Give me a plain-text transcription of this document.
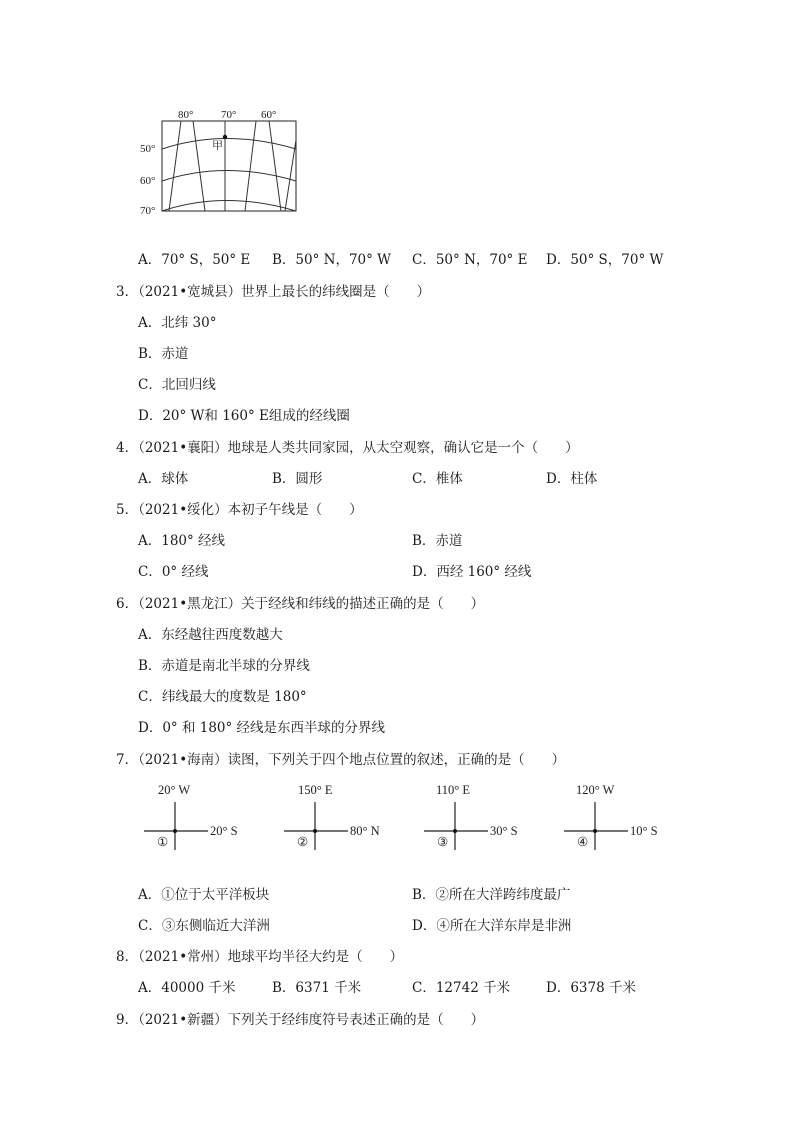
80°	70° 60°
50°
60°
70°
甲
A．70° S，50° E B．50° N，70° W C．50° N，70° E D．50° S，70° W
3．（2021•宽城县）世界上最长的纬线圈是（　　）
A．北纬 30°
B．赤道
C．北回归线
D．20° W和 160° E组成的经线圈
4．（2021•襄阳）地球是人类共同家园，从太空观察，确认它是一个（　　）
A．球体	B．圆形	C．椎体	D．柱体
5．（2021•绥化）本初子午线是（　　）
A．180° 经线	B．赤道
C．0° 经线	D．西经 160° 经线
6．（2021•黑龙江）关于经线和纬线的描述正确的是（　　）
A．东经越往西度数越大
B．赤道是南北半球的分界线
C．纬线最大的度数是 180°
D．0° 和 180° 经线是东西半球的分界线
7．（2021•海南）读图，下列关于四个地点位置的叙述，正确的是（　　）
20° W
20° S
①
150° E
80° N
②
110° E
30° S
③
120° W
10° S
④
A．①位于太平洋板块	B．②所在大洋跨纬度最广
C．③东侧临近大洋洲	D．④所在大洋东岸是非洲
8．（2021•常州）地球平均半径大约是（　　）
A．40000 千米	B．6371 千米	C．12742 千米	D．6378 千米
9．（2021•新疆）下列关于经纬度符号表述正确的是（　　）
